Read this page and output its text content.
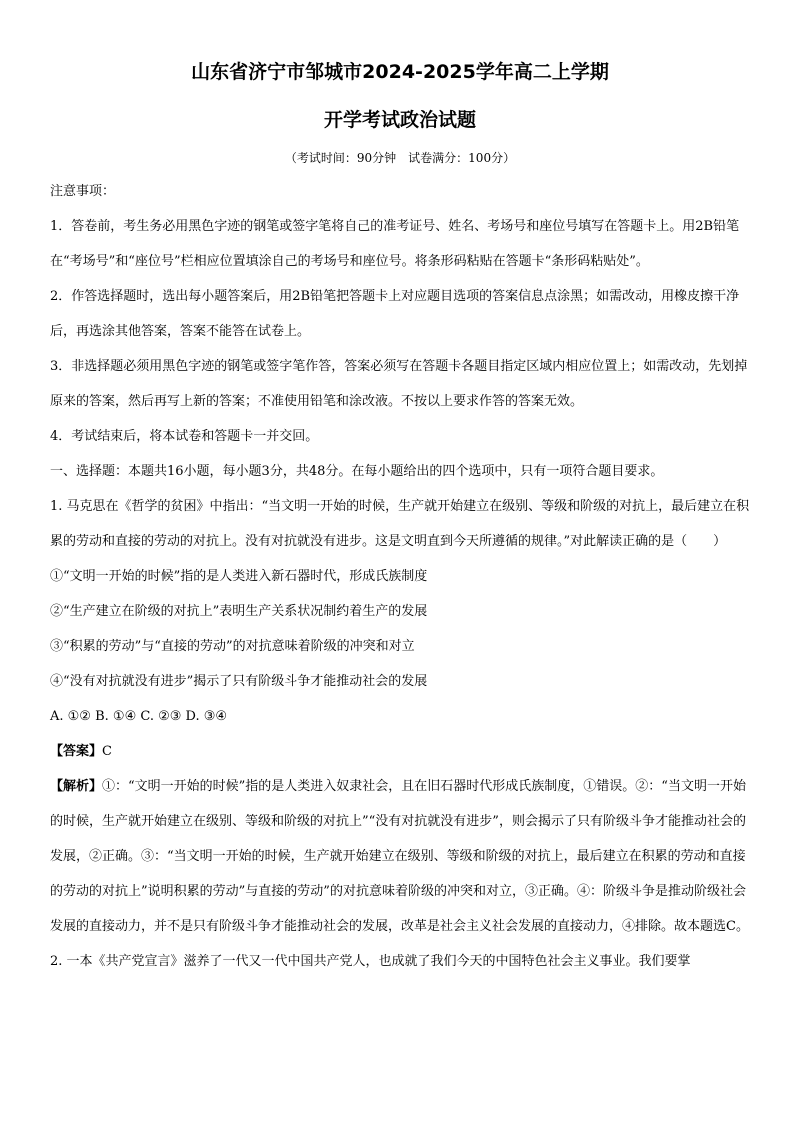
山东省济宁市邹城市2024-2025学年高二上学期
开学考试政治试题
（考试时间：90分钟　试卷满分：100分）

注意事项：

1．答卷前，考生务必用黑色字迹的钢笔或签字笔将自己的准考证号、姓名、考场号和座位号填写在答题卡上。用2B铅笔在“考场号”和“座位号”栏相应位置填涂自己的考场号和座位号。将条形码粘贴在答题卡“条形码粘贴处”。

2．作答选择题时，选出每小题答案后，用2B铅笔把答题卡上对应题目选项的答案信息点涂黑；如需改动，用橡皮擦干净后，再选涂其他答案，答案不能答在试卷上。

3．非选择题必须用黑色字迹的钢笔或签字笔作答，答案必须写在答题卡各题目指定区域内相应位置上；如需改动，先划掉原来的答案，然后再写上新的答案；不准使用铅笔和涂改液。不按以上要求作答的答案无效。

4．考试结束后，将本试卷和答题卡一并交回。

一、选择题：本题共16小题，每小题3分，共48分。在每小题给出的四个选项中，只有一项符合题目要求。

1. 马克思在《哲学的贫困》中指出：“当文明一开始的时候，生产就开始建立在级别、等级和阶级的对抗上，最后建立在积累的劳动和直接的劳动的对抗上。没有对抗就没有进步。这是文明直到今天所遵循的规律。”对此解读正确的是（　　）

①“文明一开始的时候”指的是人类进入新石器时代，形成氏族制度

②“生产建立在阶级的对抗上”表明生产关系状况制约着生产的发展

③“积累的劳动”与“直接的劳动”的对抗意味着阶级的冲突和对立

④“没有对抗就没有进步”揭示了只有阶级斗争才能推动社会的发展

A. ①② B. ①④ C. ②③ D. ③④

【答案】C

【解析】①：“文明一开始的时候”指的是人类进入奴隶社会，且在旧石器时代形成氏族制度，①错误。②：“当文明一开始的时候，生产就开始建立在级别、等级和阶级的对抗上”“没有对抗就没有进步”，则会揭示了只有阶级斗争才能推动社会的发展，②正确。③：“当文明一开始的时候，生产就开始建立在级别、等级和阶级的对抗上，最后建立在积累的劳动和直接的劳动的对抗上”说明积累的劳动”与直接的劳动”的对抗意味着阶级的冲突和对立，③正确。④：阶级斗争是推动阶级社会发展的直接动力，并不是只有阶级斗争才能推动社会的发展，改革是社会主义社会发展的直接动力，④排除。故本题选C。

2. 一本《共产党宣言》滋养了一代又一代中国共产党人，也成就了我们今天的中国特色社会主义事业。我们要掌
